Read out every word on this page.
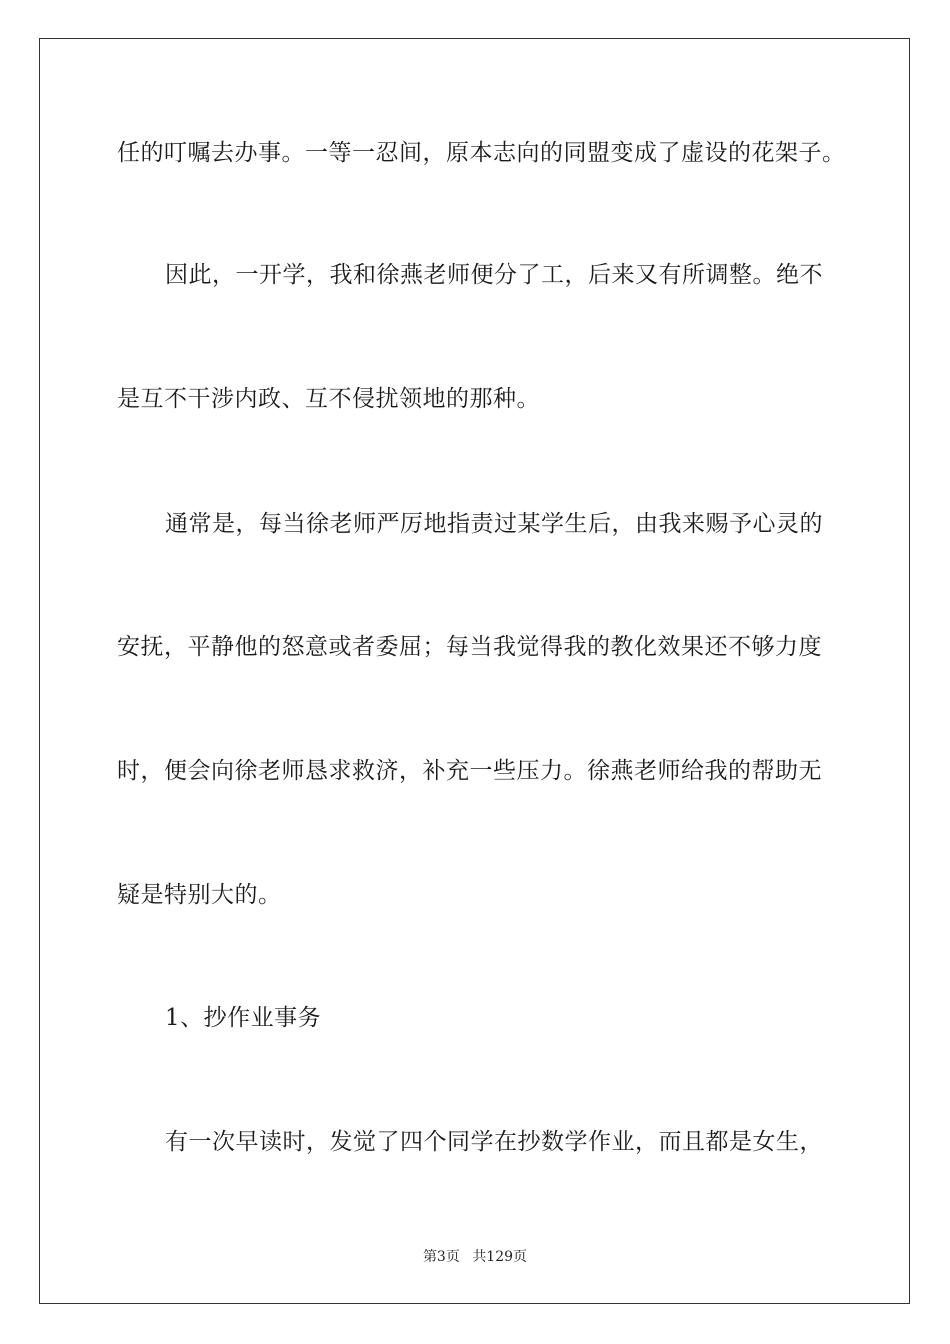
任的叮嘱去办事。一等一忍间，原本志向的同盟变成了虚设的花架子。
因此，一开学，我和徐燕老师便分了工，后来又有所调整。绝不
是互不干涉内政、互不侵扰领地的那种。
通常是，每当徐老师严厉地指责过某学生后，由我来赐予心灵的
安抚，平静他的怒意或者委屈；每当我觉得我的教化效果还不够力度
时，便会向徐老师恳求救济，补充一些压力。徐燕老师给我的帮助无
疑是特别大的。
1、抄作业事务
有一次早读时，发觉了四个同学在抄数学作业，而且都是女生，
第3页 共129页
